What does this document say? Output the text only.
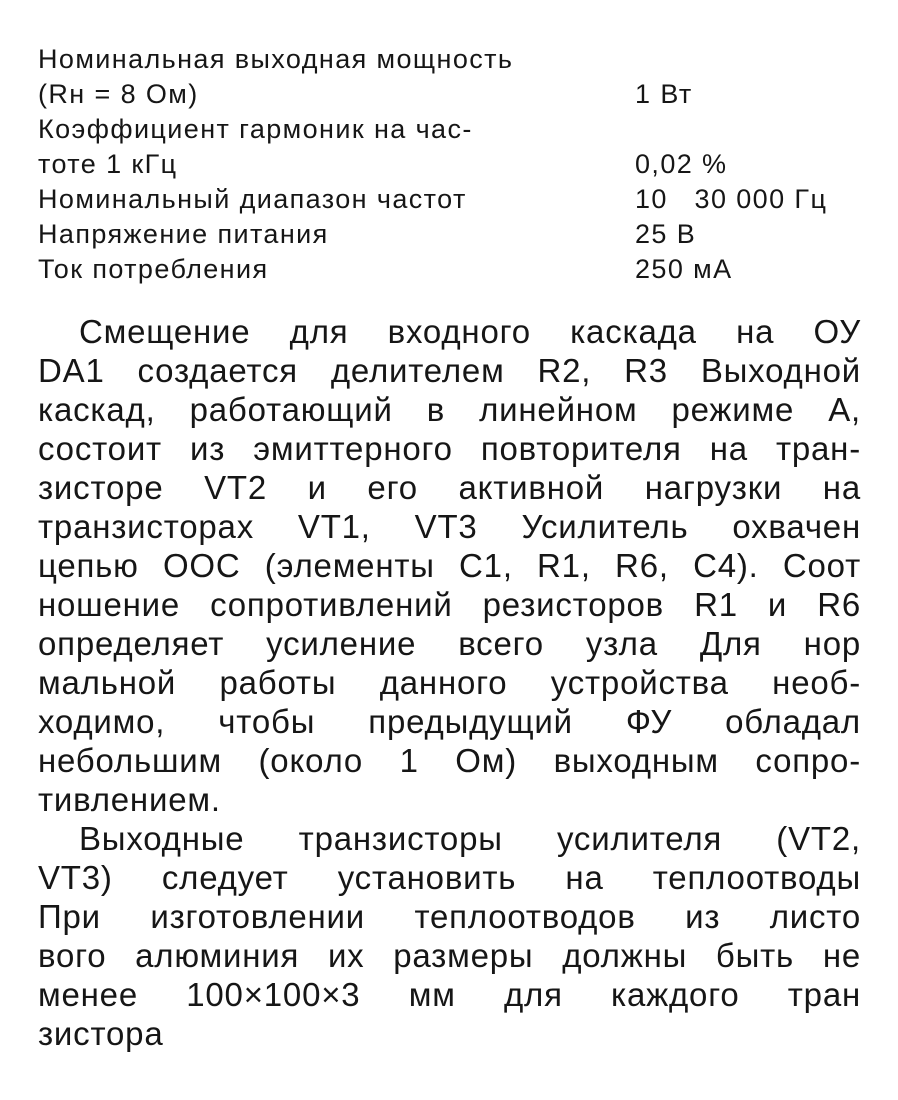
Номинальная выходная мощность
(Rн = 8 Ом)	1 Вт
Коэффициент гармоник на час-
тоте 1 кГц	0,02 %
Номинальный диапазон частот	10   30 000 Гц
Напряжение питания	25 В
Ток потребления	250 мА
Смещение для входного каскада на ОУ
DA1 создается делителем R2, R3 Выходной
каскад, работающий в линейном режиме А,
состоит из эмиттерного повторителя на тран-
зисторе VT2 и его активной нагрузки на
транзисторах VT1, VT3 Усилитель охвачен
цепью ООС (элементы C1, R1, R6, C4). Соот
ношение сопротивлений резисторов R1 и R6
определяет усиление всего узла Для нор
мальной работы данного устройства необ-
ходимо, чтобы предыдущий ФУ обладал
небольшим (около 1 Ом) выходным сопро-
тивлением.
Выходные транзисторы усилителя (VT2,
VT3) следует установить на теплоотводы
При изготовлении теплоотводов из листо
вого алюминия их размеры должны быть не
менее 100×100×3 мм для каждого тран
зистора
